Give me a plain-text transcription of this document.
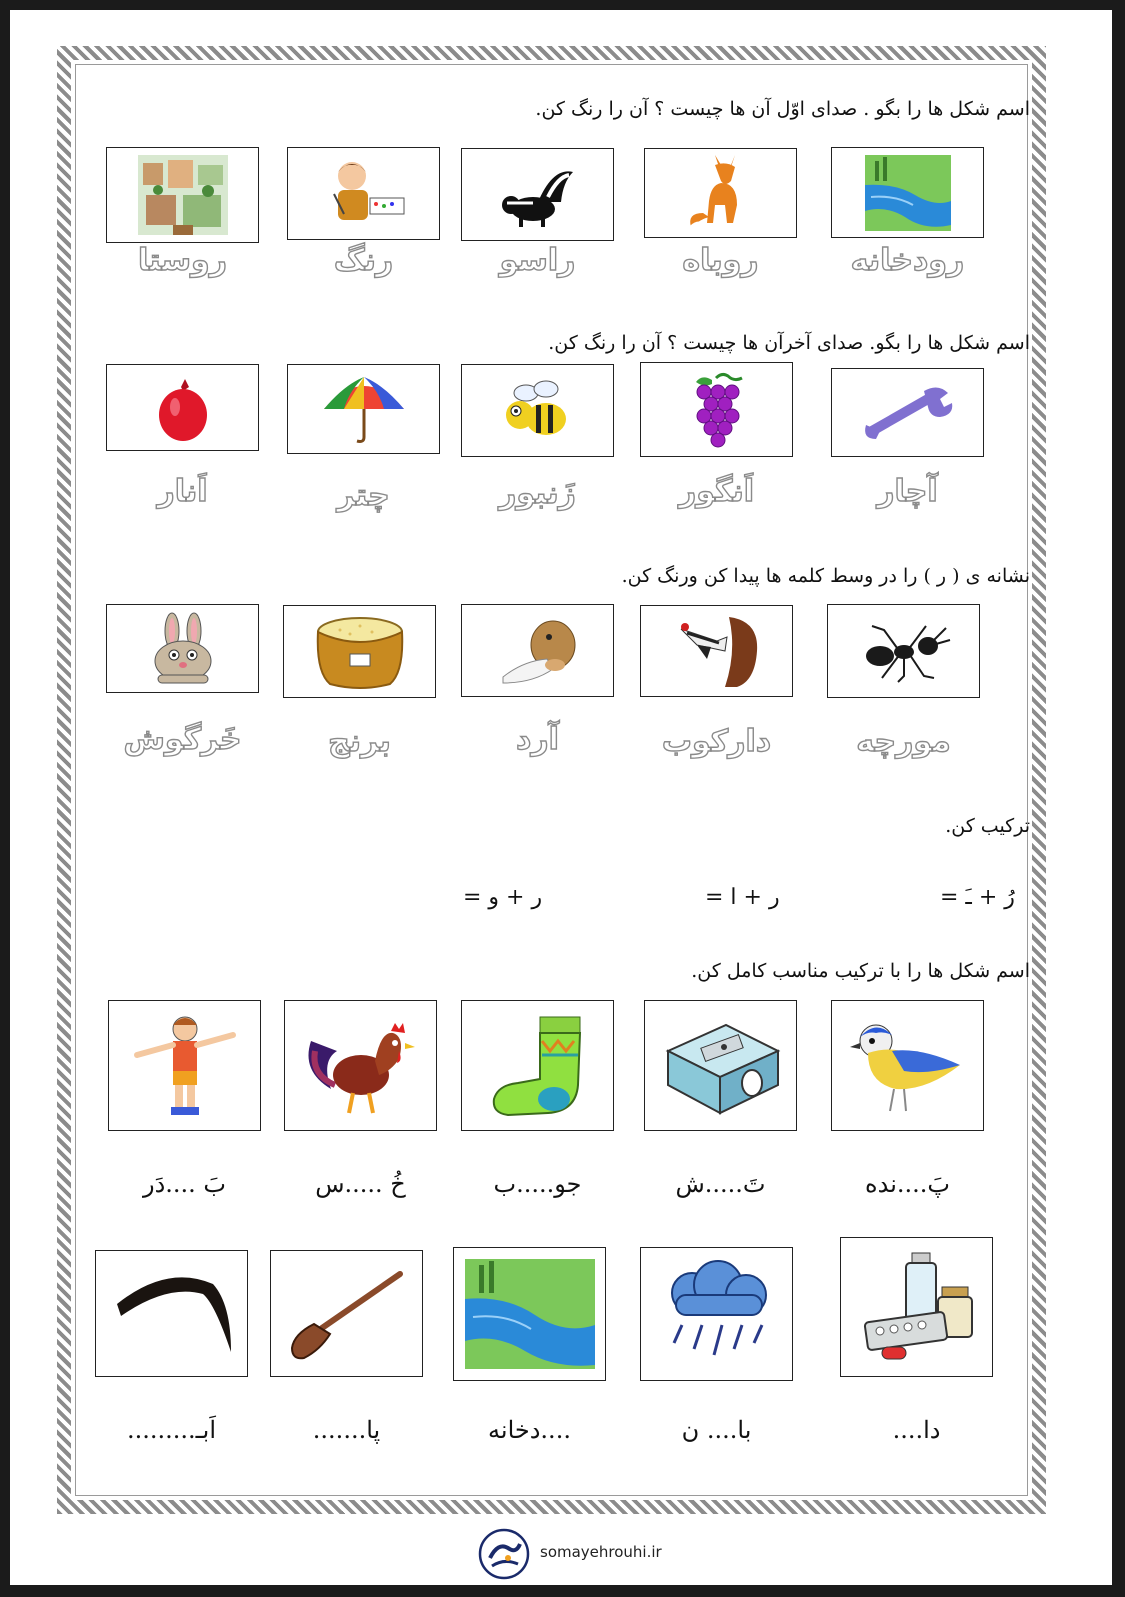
اسم شکل ها را بگو . صدای اوّل آن ها چیست ؟ آن را رنگ کن.
روستا	رنگ	راسو	روباه	رودخانه
اسم شکل ها را بگو. صدای آخرآن ها چیست ؟ آن را رنگ کن.
اَنار	چتر	زَنبور	اَنگور	آچار
نشانه ی ( ر ) را در وسط کلمه ها پیدا کن ورنگ کن.
خَرگوش	برنج	آرد	دارکوب	مورچه
ترکیب کن.
رُ + ـَ =
ر + ا =
ر + و =
اسم شکل ها را با ترکیب مناسب کامل کن.
بَ ....دَر	خُ .....س	جو.....ب	تَ.....ش	پَ....نده
اَبـ.........	پا.......	....دخانه	با.... ن	دا....
somayehrouhi.ir
